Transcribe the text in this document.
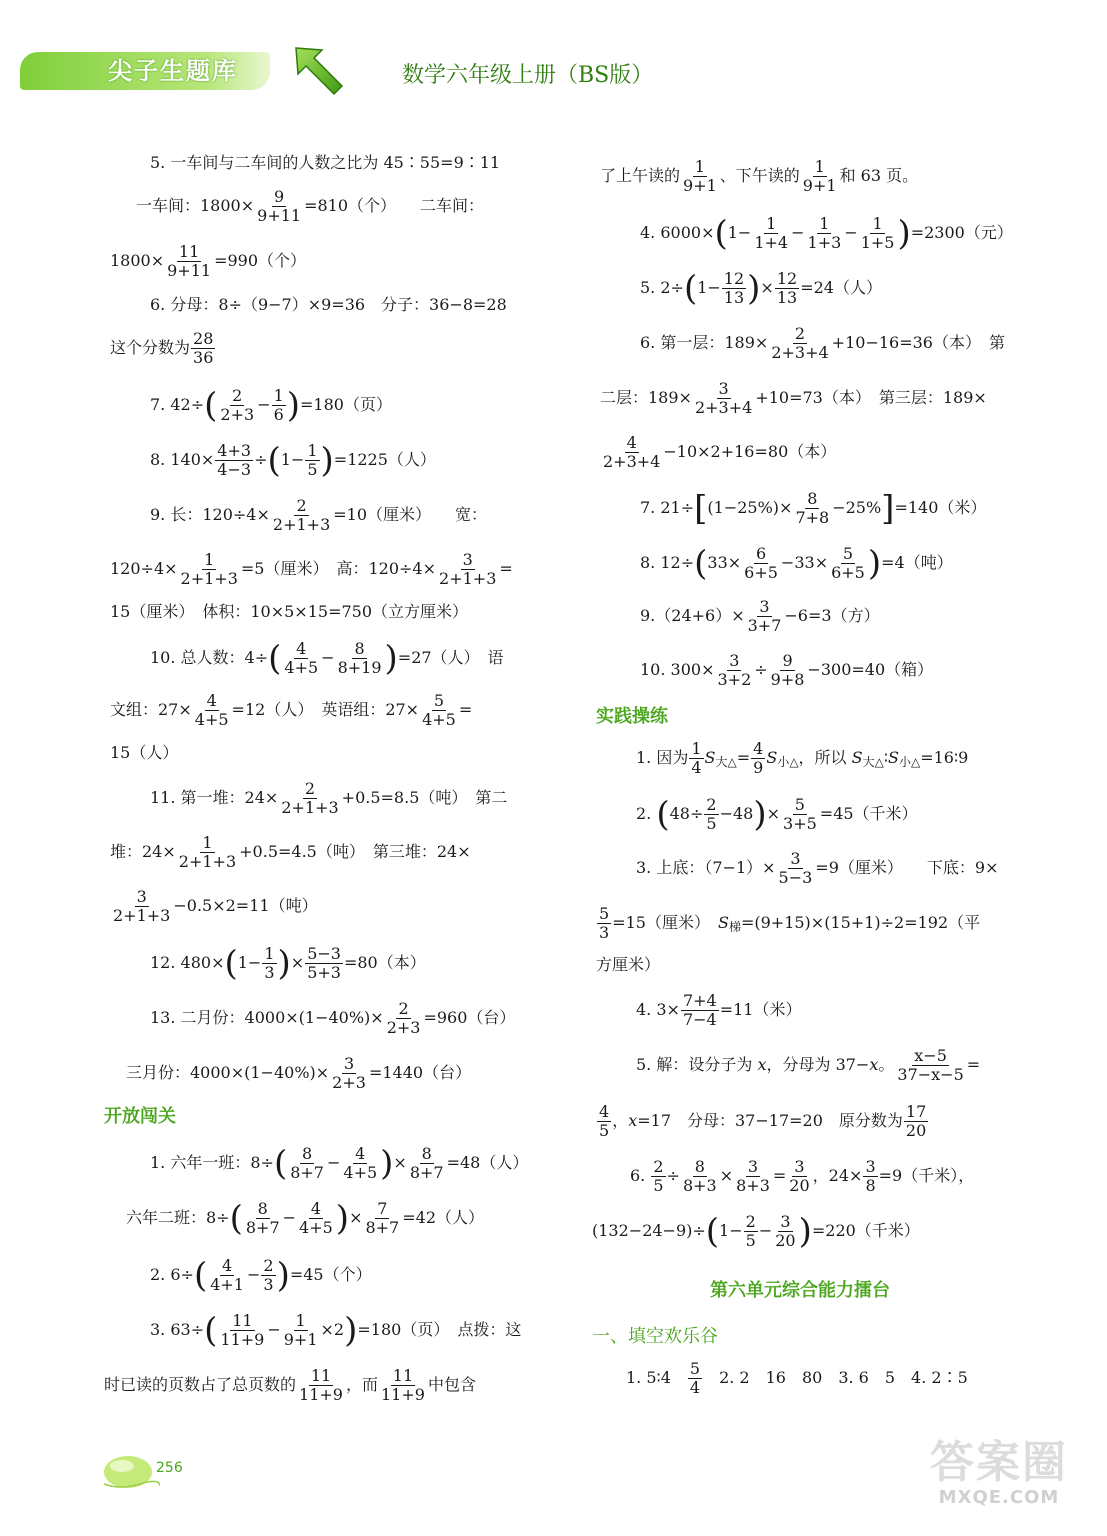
尖子生题库	数学六年级上册（BS版）
5. 一车间与二车间的人数之比为 45∶55=9∶11
一车间：$1800\times \frac{9}{9+11} =810$（个）　　二车间：
$1800\times \frac{11}{9+11} =990$（个）
6. 分母：8÷（9−7）×9=36　分子：36−8=28
这个分数为 $\frac{28}{36}$
7. $42\div( \frac{2}{2+3} - \frac{1}{6} )=180$（页）
8. $140\times \frac{4+3}{4-3} \div(1- \frac{1}{5} )=1225$（人）
9. 长：$120\div 4\times \frac{2}{2+1+3} =10$（厘米）　　宽：
$120\div 4\times \frac{1}{2+1+3} =5$（厘米）　高：$120\div 4\times \frac{3}{2+1+3}$ =
15（厘米）　体积：10×5×15=750（立方厘米）
10. 总人数：$4\div( \frac{4}{4+5} - \frac{8}{8+19} )=27$（人）　语
文组：$27\times \frac{4}{4+5} =12$（人）　英语组：$27\times \frac{5}{4+5}$ =
15（人）
11. 第一堆：$24\times \frac{2}{2+1+3} +0.5=8.5$（吨）　第二
堆：$24\times \frac{1}{2+1+3} +0.5=4.5$（吨）　第三堆：24×
$\frac{3}{2+1+3} -0.5\times 2=11$（吨）
12. $480\times(1- \frac{1}{3}$ )× $\frac{5-3}{5+3} =80$（本）
13. 二月份：$4000\times(1-40\%)\times \frac{2}{2+3} =960$（台）
三月份：$4000\times(1-40\%)\times \frac{3}{2+3} =1440$（台）
开放闯关
1. 六年一班：$8\div( \frac{8}{8+7} - \frac{4}{4+5}$ )× $\frac{8}{8+7} =48$（人）
六年二班：$8\div( \frac{8}{8+7} - \frac{4}{4+5}$ )× $\frac{7}{8+7} =42$（人）
2. $6\div( \frac{4}{4+1} - \frac{2}{3} )=45$（个）
3. $63\div( \frac{11}{11+9} - \frac{1}{9+1} \times 2)=180$（页）　点拨：这
时已读的页数占了总页数的 $\frac{11}{11+9}$ ，而 $\frac{11}{11+9}$ 中包含
了上午读的 $\frac{1}{9+1}$ 、下午读的 $\frac{1}{9+1}$ 和 63 页。
4. $6000\times(1- \frac{1}{1+4} - \frac{1}{1+3} - \frac{1}{1+5} )=2300$（元）
5. $2\div(1- \frac{12}{13}$ )× $\frac{12}{13} =24$（人）
6. 第一层：$189\times \frac{2}{2+3+4} +10-16=36$（本）　第
二层：$189\times \frac{3}{2+3+4} +10=73$（本）　第三层：189×
$\frac{4}{2+3+4} -10\times 2+16=80$（本）
7. $21\div[(1-25\%)\times \frac{8}{7+8} -25\%]=140$（米）
8. $12\div(33\times \frac{6}{6+5} -33\times \frac{5}{6+5} )=4$（吨）
$9.(24+6)\times \frac{3}{3+7} -6=3$（方）
10. $300\times \frac{3}{3+2} \div \frac{9}{9+8} -300=40$（箱）
实践操练
1. 因为 $\frac{1}{4} S_{大\triangle}= \frac{4}{9} S_{小\triangle}$，所以 $S_{大\triangle}∶S_{小\triangle}=16∶9$
2. $(48\div \frac{2}{5} -48)\times \frac{5}{3+5} =45$（千米）
3. 上底：$(7-1)\times \frac{3}{5-3} =9$（厘米）　　下底：9×
$\frac{5}{3} =15$（厘米）　$S_梯=(9+15)\times(15+1)\div 2=192$（平
方厘米）
4. $3\times \frac{7+4}{7-4} =11$（米）
5. 解：设分子为 x，分母为 37−x。 $\frac{x-5}{37-x-5}$ =
$\frac{4}{5}$ ，x=17　分母：37−17=20　原分数为 $\frac{17}{20}$
6. $\frac{2}{5} \div \frac{8}{8+3} \times \frac{3}{8+3} = \frac{3}{20}$ ，$24\times \frac{3}{8} =9$（千米），
$(132-24-9)\div(1- \frac{2}{5} - \frac{3}{20} )=220$（千米）
第六单元综合能力擂台
一、填空欢乐谷
1. 5∶4　 $\frac{5}{4}$ 　2. 2　16　80　3. 6　5　4. 2∶5
256	答案圈
MXQE.COM
